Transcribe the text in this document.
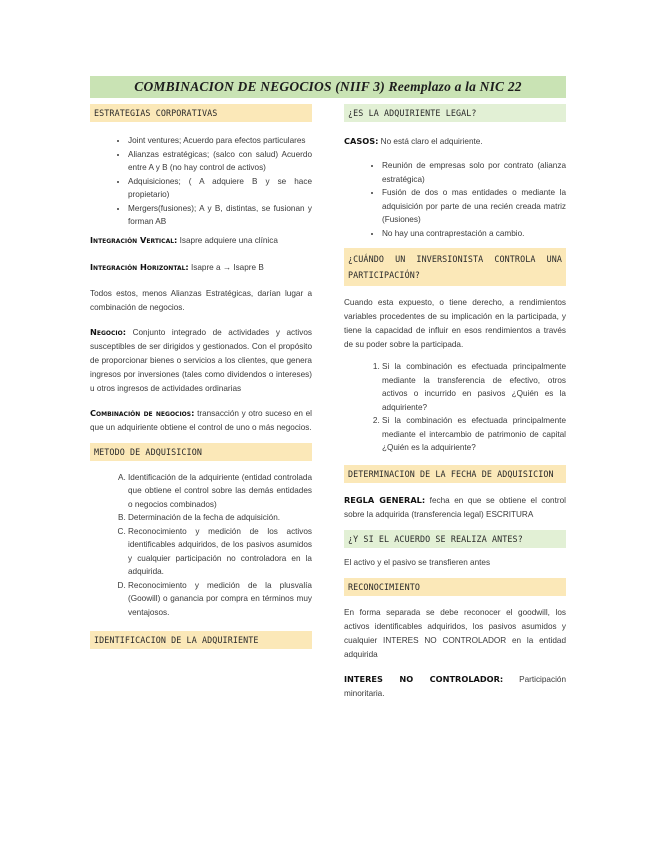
COMBINACION DE NEGOCIOS (NIIF 3) Reemplazo a la NIC 22
ESTRATEGIAS CORPORATIVAS
• Joint ventures; Acuerdo para efectos particulares
• Alianzas estratégicas; (salco con salud) Acuerdo entre A y B (no hay control de activos)
• Adquisiciones; ( A adquiere B y se hace propietario)
• Mergers(fusiones); A y B, distintas, se fusionan y forman AB

Integración Vertical: Isapre adquiere una clínica

Integración Horizontal: Isapre a → Isapre B

Todos estos, menos Alianzas Estratégicas, darían lugar a combinación de negocios.

Negocio: Conjunto integrado de actividades y activos susceptibles de ser dirigidos y gestionados. Con el propósito de proporcionar bienes o servicios a los clientes, que genera ingresos por inversiones (tales como dividendos o intereses) u otros ingresos de actividades ordinarias

Combinación de negocios: transacción y otro suceso en el que un adquiriente obtiene el control de uno o más negocios.

METODO DE ADQUISICION
A. Identificación de la adquiriente (entidad controlada que obtiene el control sobre las demás entidades o negocios combinados)
B. Determinación de la fecha de adquisición.
C. Reconocimiento y medición de los activos identificables adquiridos, de los pasivos asumidos y cualquier participación no controladora en la adquirida.
D. Reconocimiento y medición de la plusvalía (Goowill) o ganancia por compra en términos muy ventajosos.
IDENTIFICACION DE LA ADQUIRIENTE
¿ES LA ADQUIRIENTE LEGAL?

CASOS: No está claro el adquiriente.

• Reunión de empresas solo por contrato (alianza estratégica)
• Fusión de dos o mas entidades o mediante la adquisición por parte de una recién creada matriz (Fusiones)
• No hay una contraprestación a cambio.
¿CUÁNDO UN INVERSIONISTA CONTROLA UNA PARTICIPACIÓN?

Cuando esta expuesto, o tiene derecho, a rendimientos variables procedentes de su implicación en la participada, y tiene la capacidad de influir en esos rendimientos a través de su poder sobre la participada.

1. Si la combinación es efectuada principalmente mediante la transferencia de efectivo, otros activos o incurrido en pasivos ¿Quién es la adquiriente?
2. Si la combinación es efectuada principalmente mediante el intercambio de patrimonio de capital ¿Quién es la adquiriente?
DETERMINACION DE LA FECHA DE ADQUISICION

REGLA GENERAL: fecha en que se obtiene el control sobre la adquirida (transferencia legal) ESCRITURA

¿Y SI EL ACUERDO SE REALIZA ANTES?

El activo y el pasivo se transfieren antes

RECONOCIMIENTO

En forma separada se debe reconocer el goodwill, los activos identificables adquiridos, los pasivos asumidos y cualquier INTERES NO CONTROLADOR en la entidad adquirida

INTERES NO CONTROLADOR: Participación minoritaria.
